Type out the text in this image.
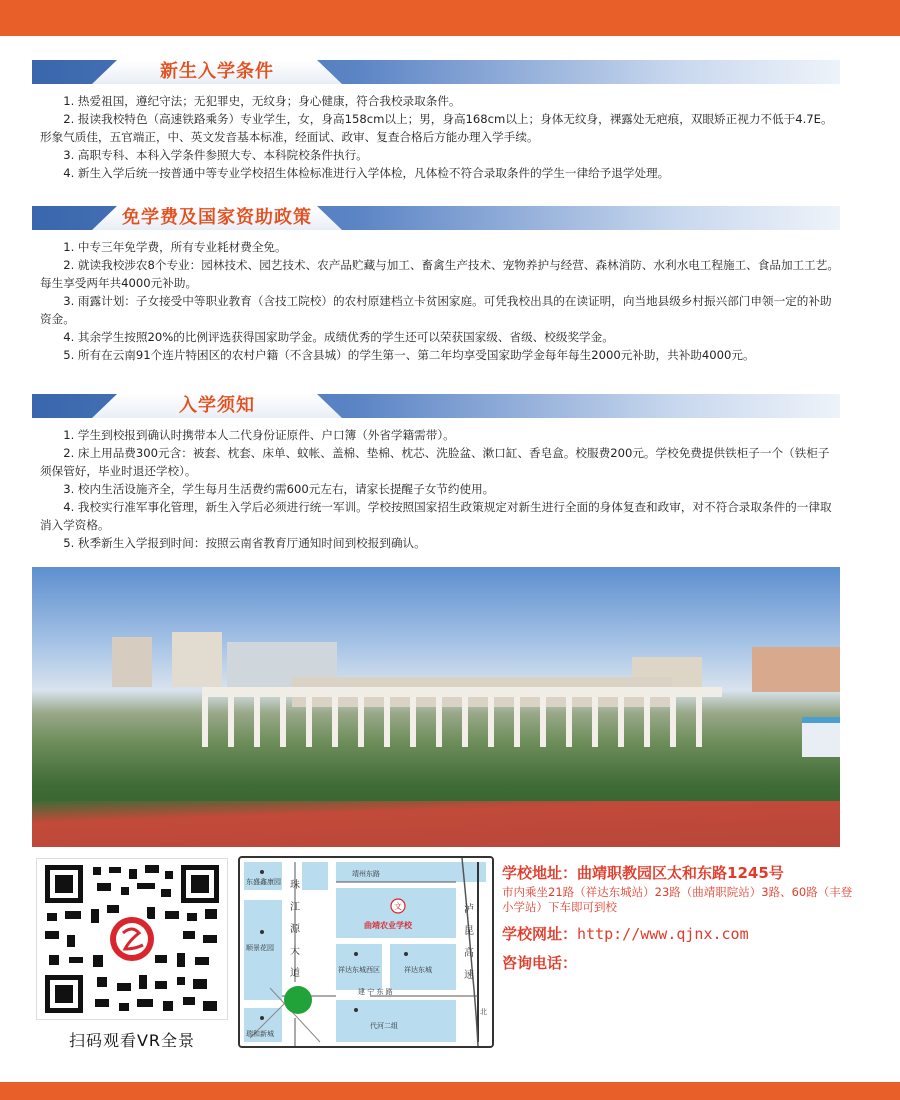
新生入学条件

1. 热爱祖国，遵纪守法；无犯罪史，无纹身；身心健康，符合我校录取条件。

2. 报读我校特色（高速铁路乘务）专业学生，女，身高158cm以上；男，身高168cm以上；身体无纹身，裸露处无疤痕，双眼矫正视力不低于4.7E。形象气质佳，五官端正，中、英文发音基本标准，经面试、政审、复查合格后方能办理入学手续。

3. 高职专科、本科入学条件参照大专、本科院校条件执行。

4. 新生入学后统一按普通中等专业学校招生体检标准进行入学体检，凡体检不符合录取条件的学生一律给予退学处理。

免学费及国家资助政策

1. 中专三年免学费，所有专业耗材费全免。

2. 就读我校涉农8个专业：园林技术、园艺技术、农产品贮藏与加工、畜禽生产技术、宠物养护与经营、森林消防、水利水电工程施工、食品加工工艺。每生享受两年共4000元补助。

3. 雨露计划：子女接受中等职业教育（含技工院校）的农村原建档立卡贫困家庭。可凭我校出具的在读证明，向当地县级乡村振兴部门申领一定的补助资金。

4. 其余学生按照20%的比例评选获得国家助学金。成绩优秀的学生还可以荣获国家级、省级、校级奖学金。

5. 所有在云南91个连片特困区的农村户籍（不含县城）的学生第一、第二年均享受国家助学金每年每生2000元补助，共补助4000元。

入学须知

1. 学生到校报到确认时携带本人二代身份证原件、户口簿（外省学籍需带）。

2. 床上用品费300元含：被套、枕套、床单、蚊帐、盖棉、垫棉、枕芯、洗脸盆、漱口缸、香皂盒。校服费200元。学校免费提供铁柜子一个（铁柜子须保管好，毕业时退还学校）。

3. 校内生活设施齐全，学生每月生活费约需600元左右，请家长提醒子女节约使用。

4. 我校实行准军事化管理，新生入学后必须进行统一军训。学校按照国家招生政策规定对新生进行全面的身体复查和政审，对不符合录取条件的一律取消入学资格。

5. 秋季新生入学报到时间：按照云南省教育厅通知时间到校报到确认。

扫码观看VR全景
文
东盛鑫康园
靖州东路
曲靖农业学校
顺景花园
祥达东城西区	祥达东城
建 宁 东 路
瑞和新城
代河二组
北
珠
江
源
大
道
泸
昆
高
速
学校地址：曲靖职教园区太和东路1245号
市内乘坐21路（祥达东城站）23路（曲靖职院站）3路、60路（丰登小学站）下车即可到校
学校网址：http://www.qjnx.com
咨询电话：
